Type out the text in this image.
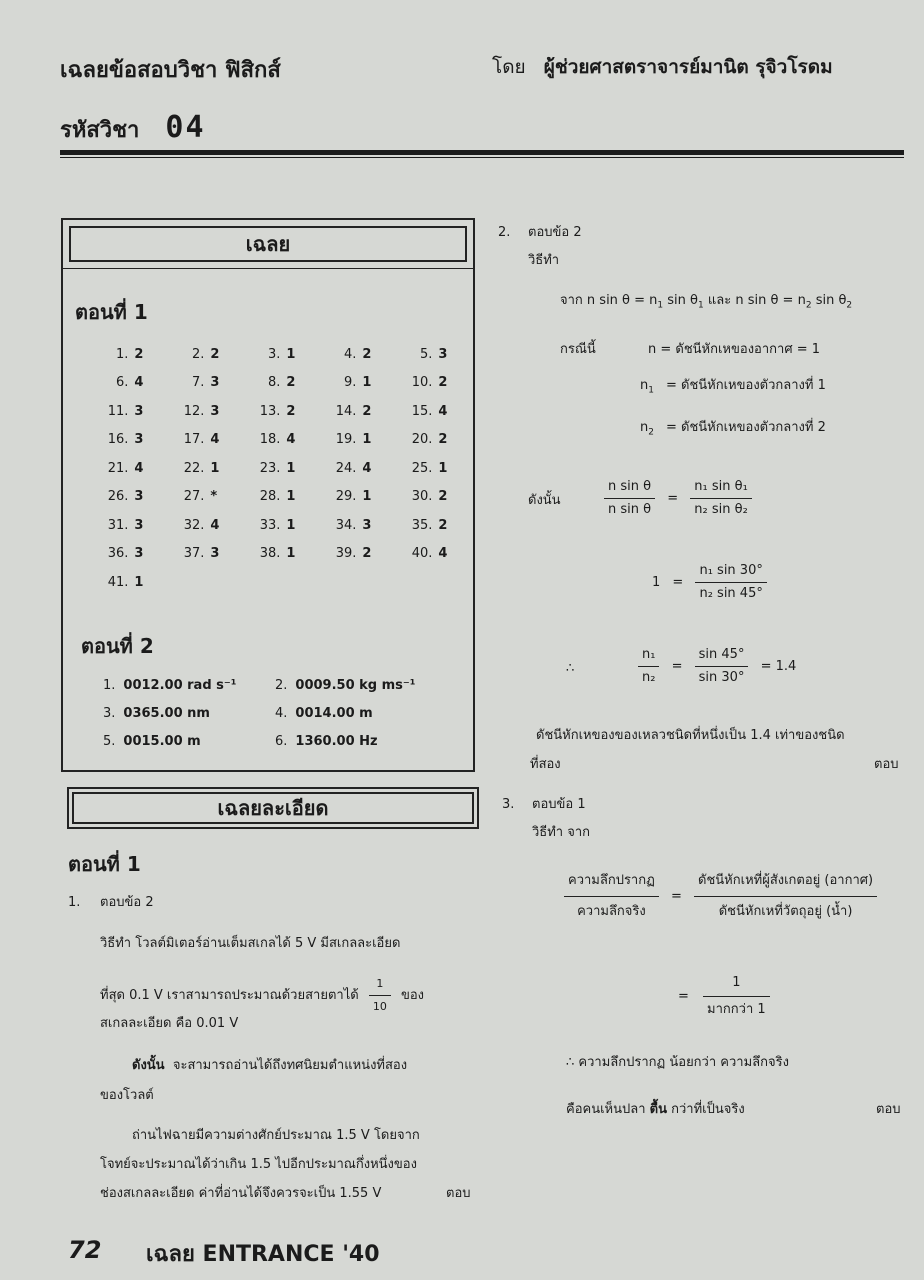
เฉลยข้อสอบวิชา ฟิสิกส์	โดย ผู้ช่วยศาสตราจารย์มานิต รุจิวโรดม
รหัสวิชา 04
เฉลย
ตอนที่ 1
1. 2	2. 2	3. 1	4. 2	5. 3
6. 4	7. 3	8. 2	9. 1	10. 2
11. 3	12. 3	13. 2	14. 2	15. 4
16. 3	17. 4	18. 4	19. 1	20. 2
21. 4	22. 1	23. 1	24. 4	25. 1
26. 3	27. *	28. 1	29. 1	30. 2
31. 3	32. 4	33. 1	34. 3	35. 2
36. 3	37. 3	38. 1	39. 2	40. 4
41. 1
ตอนที่ 2
1. 0012.00 rad s⁻¹	2. 0009.50 kg ms⁻¹
3. 0365.00 nm	4. 0014.00 m
5. 0015.00 m	6. 1360.00 Hz
เฉลยละเอียด
ตอนที่ 1
1. ตอบข้อ 2
วิธีทำ โวลต์มิเตอร์อ่านเต็มสเกลได้ 5 V มีสเกลละเอียด
ที่สุด 0.1 V เราสามารถประมาณด้วยสายตาได้ $\frac{1}{10}$ ของ
สเกลละเอียด คือ 0.01 V
ดังนั้น จะสามารถอ่านได้ถึงทศนิยมตำแหน่งที่สอง
ของโวลต์
ถ่านไฟฉายมีความต่างศักย์ประมาณ 1.5 V โดยจาก
โจทย์จะประมาณได้ว่าเกิน 1.5 ไปอีกประมาณกึ่งหนึ่งของ
ช่องสเกลละเอียด ค่าที่อ่านได้จึงควรจะเป็น 1.55 V	ตอบ
2. ตอบข้อ 2
วิธีทำ
จาก n $\sin \theta = n_1$ $\sin \theta_1$ และ n $\sin \theta = n_2$ $\sin \theta_2$
กรณีนี้	n = ดัชนีหักเหของอากาศ = 1
$n_1$ = ดัชนีหักเหของตัวกลางที่ 1
$n_2$ = ดัชนีหักเหของตัวกลางที่ 2
ดังนั้น	$\frac{\text{n sin θ}}{\text{n sin θ}} = \frac{\text{n₁ sin θ₁}}{\text{n₂ sin θ₂}}$
$1 = \frac{\text{n₁ sin 30°}}{\text{n₂ sin 45°}}$
∴	$\frac{\text{n₁}}{\text{n₂}} = \frac{\sin 45^\circ}{\sin 30^\circ} = 1.4$
ดัชนีหักเหของของเหลวชนิดที่หนึ่งเป็น 1.4 เท่าของชนิด
ที่สอง	ตอบ
3. ตอบข้อ 1
วิธีทำ จาก
$\frac{\text{ความลึกปรากฏ}}{\text{ความลึกจริง}} = \frac{\text{ดัชนีหักเหที่ผู้สังเกตอยู่ (อากาศ)}}{\text{ดัชนีหักเหที่วัตถุอยู่ (น้ำ)}}$
= $\frac{1}{\text{มากกว่า 1}}$
∴ ความลึกปรากฏ น้อยกว่า ความลึกจริง
คือคนเห็นปลา ตื้น กว่าที่เป็นจริง	ตอบ
72 เฉลย ENTRANCE '40
